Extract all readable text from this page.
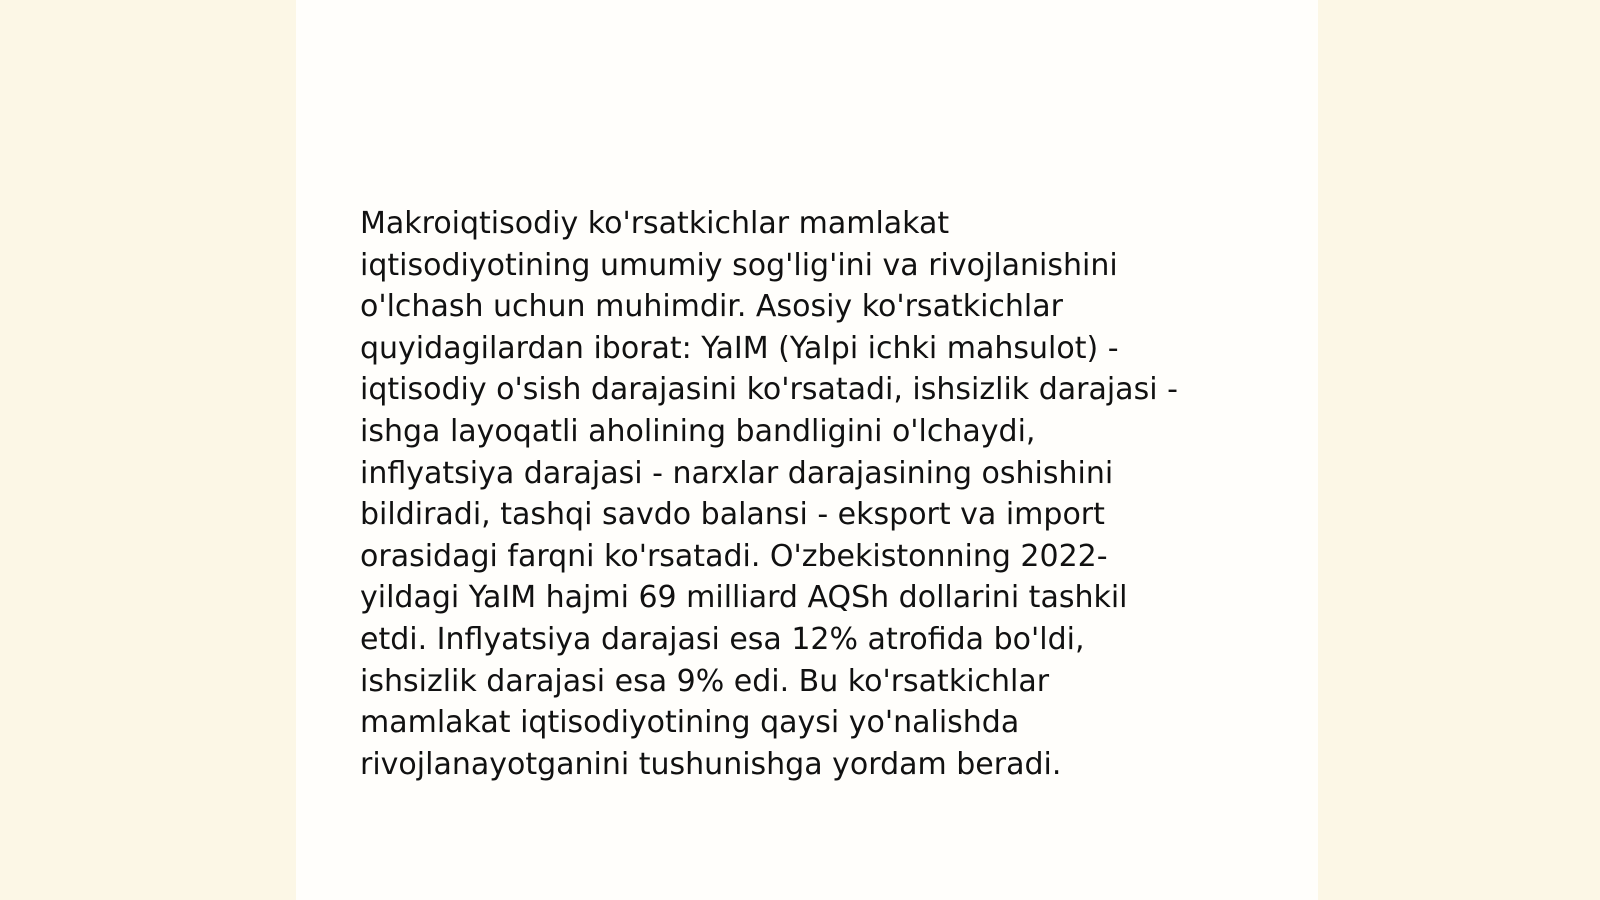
Makroiqtisodiy ko'rsatkichlar mamlakat
iqtisodiyotining umumiy sog'lig'ini va rivojlanishini
o'lchash uchun muhimdir. Asosiy ko'rsatkichlar
quyidagilardan iborat: YaIM (Yalpi ichki mahsulot) -
iqtisodiy o'sish darajasini ko'rsatadi, ishsizlik darajasi -
ishga layoqatli aholining bandligini o'lchaydi,
inflyatsiya darajasi - narxlar darajasining oshishini
bildiradi, tashqi savdo balansi - eksport va import
orasidagi farqni ko'rsatadi. O'zbekistonning 2022-
yildagi YaIM hajmi 69 milliard AQSh dollarini tashkil
etdi. Inflyatsiya darajasi esa 12% atrofida bo'ldi,
ishsizlik darajasi esa 9% edi. Bu ko'rsatkichlar
mamlakat iqtisodiyotining qaysi yo'nalishda
rivojlanayotganini tushunishga yordam beradi.
